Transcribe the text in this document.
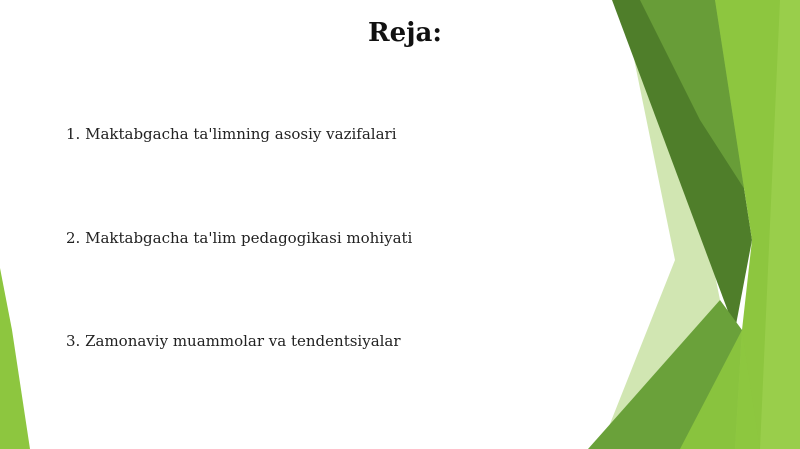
Reja:
1. Maktabgacha ta'limning asosiy vazifalari
2. Maktabgacha ta'lim pedagogikasi mohiyati
3. Zamonaviy muammolar va tendentsiyalar
